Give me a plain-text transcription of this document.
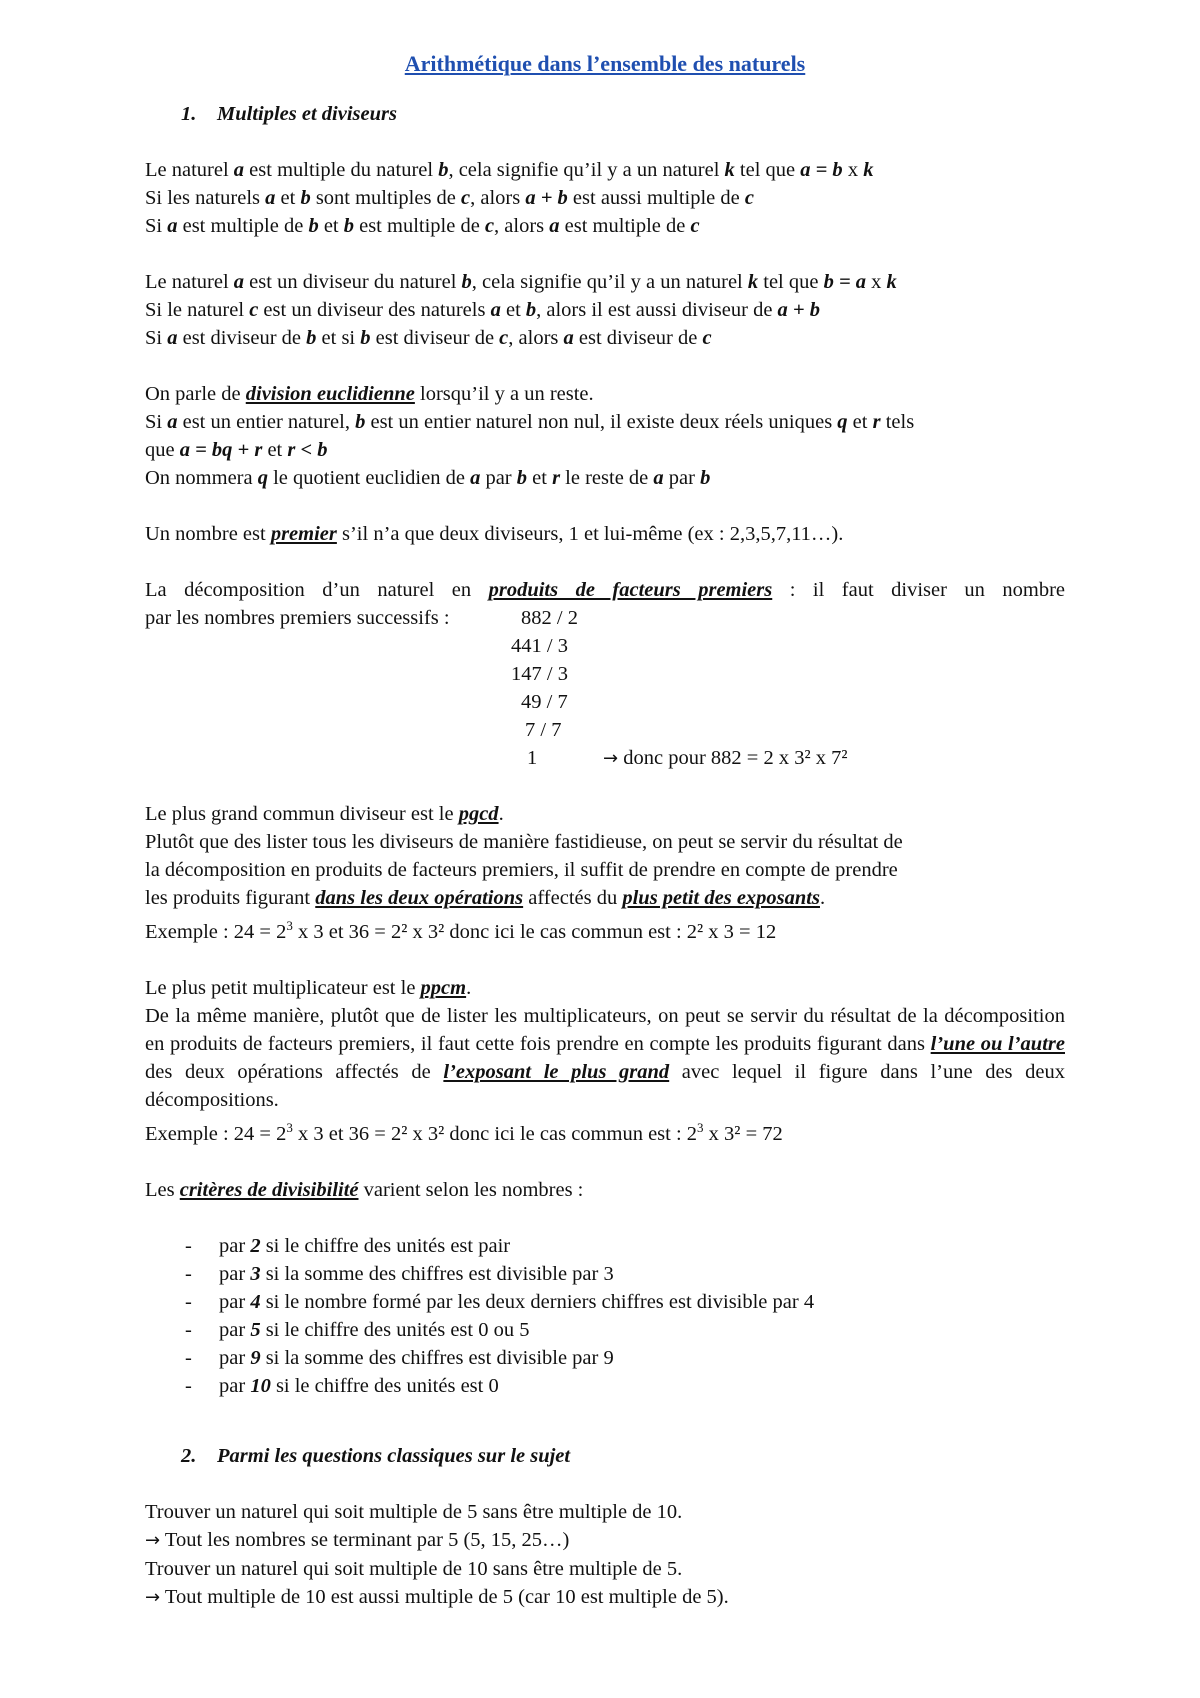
Arithmétique dans l’ensemble des naturels
1. Multiples et diviseurs
Le naturel a est multiple du naturel b, cela signifie qu’il y a un naturel k tel que a = b x k
Si les naturels a et b sont multiples de c, alors a + b est aussi multiple de c
Si a est multiple de b et b est multiple de c, alors a est multiple de c
Le naturel a est un diviseur du naturel b, cela signifie qu’il y a un naturel k tel que b = a x k
Si le naturel c est un diviseur des naturels a et b, alors il est aussi diviseur de a + b
Si a est diviseur de b et si b est diviseur de c, alors a est diviseur de c
On parle de division euclidienne lorsqu’il y a un reste.
Si a est un entier naturel, b est un entier naturel non nul, il existe deux réels uniques q et r tels
que a = bq + r et r < b
On nommera q le quotient euclidien de a par b et r le reste de a par b
Un nombre est premier s’il n’a que deux diviseurs, 1 et lui-même (ex : 2,3,5,7,11…).
La décomposition d’un naturel en produits de facteurs premiers : il faut diviser un nombre
par les nombres premiers successifs :	882 / 2
441 / 3
147 / 3
49 / 7
7 / 7
1	→ donc pour 882 = 2 x 3² x 7²
Le plus grand commun diviseur est le pgcd.
Plutôt que des lister tous les diviseurs de manière fastidieuse, on peut se servir du résultat de
la décomposition en produits de facteurs premiers, il suffit de prendre en compte de prendre
les produits figurant dans les deux opérations affectés du plus petit des exposants.
Exemple : $24 = 2^3$ x 3 et 36 = 2² x 3² donc ici le cas commun est : 2² x 3 = 12
Le plus petit multiplicateur est le ppcm.
De la même manière, plutôt que de lister les multiplicateurs, on peut se servir du résultat de la décomposition en produits de facteurs premiers, il faut cette fois prendre en compte les produits figurant dans l’une ou l’autre des deux opérations affectés de l’exposant le plus grand avec lequel il figure dans l’une des deux décompositions.
Exemple : $24 = 2^3$ x 3 et 36 = 2² x 3² donc ici le cas commun est : $2^3$ x 3² = 72
Les critères de divisibilité varient selon les nombres :
- par 2 si le chiffre des unités est pair
- par 3 si la somme des chiffres est divisible par 3
- par 4 si le nombre formé par les deux derniers chiffres est divisible par 4
- par 5 si le chiffre des unités est 0 ou 5
- par 9 si la somme des chiffres est divisible par 9
- par 10 si le chiffre des unités est 0
2. Parmi les questions classiques sur le sujet
Trouver un naturel qui soit multiple de 5 sans être multiple de 10.
→ Tout les nombres se terminant par 5 (5, 15, 25…)
Trouver un naturel qui soit multiple de 10 sans être multiple de 5.
→ Tout multiple de 10 est aussi multiple de 5 (car 10 est multiple de 5).
